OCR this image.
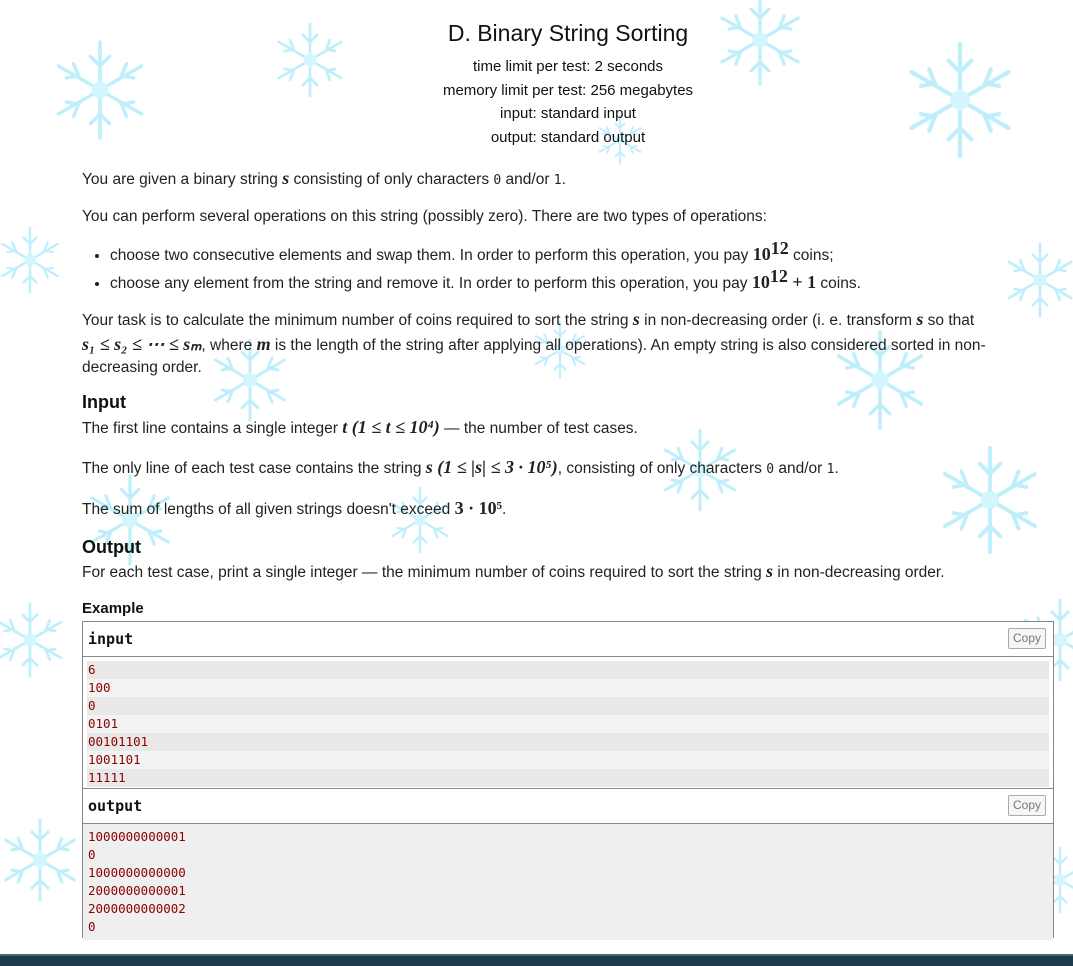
D. Binary String Sorting
time limit per test: 2 seconds
memory limit per test: 256 megabytes
input: standard input
output: standard output
You are given a binary string s consisting of only characters 0 and/or 1.
You can perform several operations on this string (possibly zero). There are two types of operations:
• choose two consecutive elements and swap them. In order to perform this operation, you pay $10^{12}$ coins;
• choose any element from the string and remove it. In order to perform this operation, you pay $10^{12} + 1$ coins.
Your task is to calculate the minimum number of coins required to sort the string s in non-decreasing order (i. e. transform s so that
s₁ ≤ s₂ ≤ ⋯ ≤ sₘ, where m is the length of the string after applying all operations). An empty string is also considered sorted in non-decreasing order.
Input
The first line contains a single integer t (1 ≤ t ≤ 10⁴) — the number of test cases.
The only line of each test case contains the string s (1 ≤ |s| ≤ 3 · 10⁵), consisting of only characters 0 and/or 1.
The sum of lengths of all given strings doesn't exceed 3 · 10⁵.
Output
For each test case, print a single integer — the minimum number of coins required to sort the string s in non-decreasing order.
Example
input	Copy
6
100
0
0101
00101101
1001101
11111
output	Copy
1000000000001
0
1000000000000
2000000000001
2000000000002
0
